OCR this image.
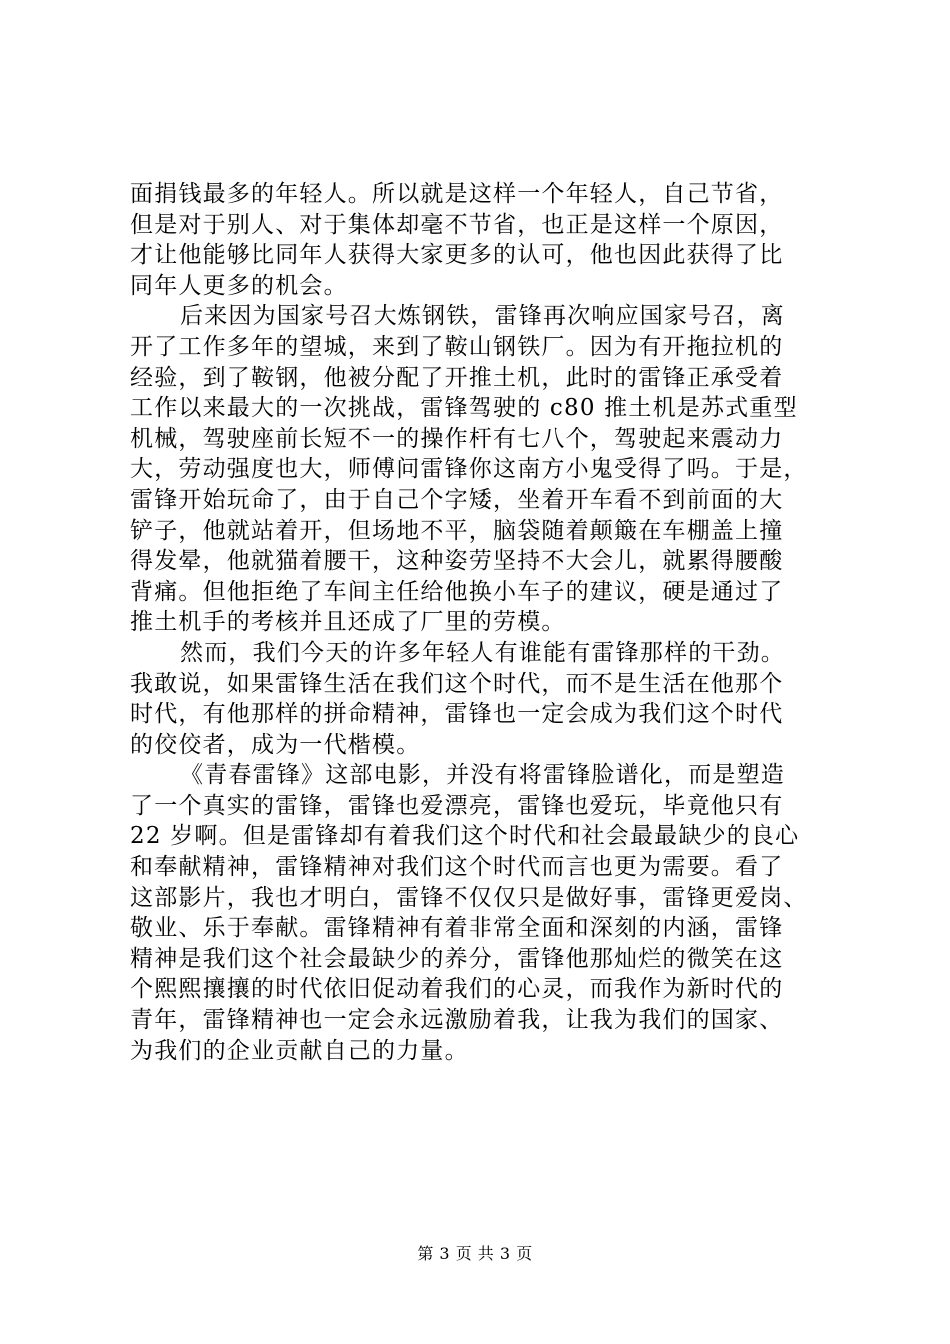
面捐钱最多的年轻人。所以就是这样一个年轻人，自己节省，
但是对于别人、对于集体却毫不节省，也正是这样一个原因，
才让他能够比同年人获得大家更多的认可，他也因此获得了比
同年人更多的机会。
后来因为国家号召大炼钢铁，雷锋再次响应国家号召，离
开了工作多年的望城，来到了鞍山钢铁厂。因为有开拖拉机的
经验，到了鞍钢，他被分配了开推土机，此时的雷锋正承受着
工作以来最大的一次挑战，雷锋驾驶的 c80 推土机是苏式重型
机械，驾驶座前长短不一的操作杆有七八个，驾驶起来震动力
大，劳动强度也大，师傅问雷锋你这南方小鬼受得了吗。于是，
雷锋开始玩命了，由于自己个字矮，坐着开车看不到前面的大
铲子，他就站着开，但场地不平，脑袋随着颠簸在车棚盖上撞
得发晕，他就猫着腰干，这种姿劳坚持不大会儿，就累得腰酸
背痛。但他拒绝了车间主任给他换小车子的建议，硬是通过了
推土机手的考核并且还成了厂里的劳模。
然而，我们今天的许多年轻人有谁能有雷锋那样的干劲。
我敢说，如果雷锋生活在我们这个时代，而不是生活在他那个
时代，有他那样的拼命精神，雷锋也一定会成为我们这个时代
的佼佼者，成为一代楷模。
《青春雷锋》这部电影，并没有将雷锋脸谱化，而是塑造
了一个真实的雷锋，雷锋也爱漂亮，雷锋也爱玩，毕竟他只有
22 岁啊。但是雷锋却有着我们这个时代和社会最最缺少的良心
和奉献精神，雷锋精神对我们这个时代而言也更为需要。看了
这部影片，我也才明白，雷锋不仅仅只是做好事，雷锋更爱岗、
敬业、乐于奉献。雷锋精神有着非常全面和深刻的内涵，雷锋
精神是我们这个社会最缺少的养分，雷锋他那灿烂的微笑在这
个熙熙攘攘的时代依旧促动着我们的心灵，而我作为新时代的
青年，雷锋精神也一定会永远激励着我，让我为我们的国家、
为我们的企业贡献自己的力量。
第 3 页 共 3 页
